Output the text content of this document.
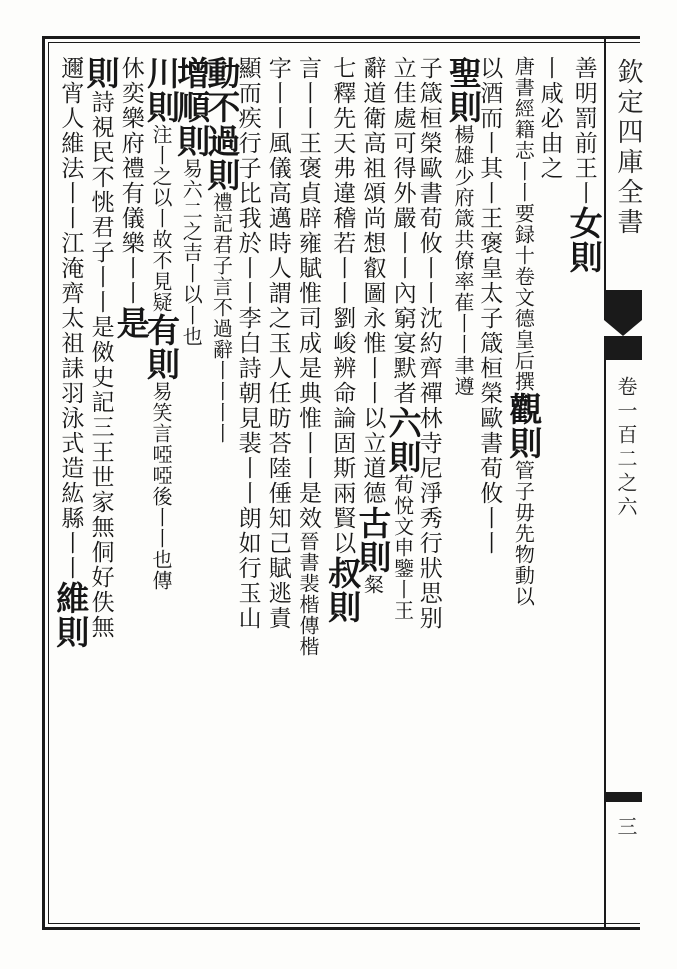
欽定四庫全書
卷一百二之六
三
善明罰前王丨女則
丨咸必由之
唐書經籍志丨丨要録十卷文德皇后撰觀則管子毋先物動以
以酒而丨其丨王褒皇太子箴桓榮歐書荀攸丨丨
聖則楊雄少府箴共僚率萑丨丨聿遵
子箴桓榮歐書荀攸丨丨沈約齊禪林寺尼淨秀行狀思别
立佳處可得外嚴丨丨內窮宴默者六則荀悅文申鑒丨王
辭道衛高祖頌尚想叡圖永惟丨丨以立道德古則粲
七釋先天弗違稽若丨丨劉峻辨命論固斯兩賢以叔則
言丨丨王褒貞辟雍賦惟司成是典惟丨丨是效晉書裴楷傳楷
字丨丨風儀高邁時人謂之玉人任昉荅陸倕知己賦逃責
顯而疾行子比我於丨丨李白詩朝見裴丨丨朗如行玉山
動不過則禮記君子言不過辭丨丨丨丨
增順則易六二之吉丨以丨也
川則注丨之以丨故不見疑有則易笑言啞啞後丨丨也傳
休奕樂府禮有儀樂丨丨是
則詩視民不恌君子丨丨是傚史記三王世家無侗好佚無
邇宵人維法丨丨江淹齊太祖誄羽泳式造紘縣丨丨維則
